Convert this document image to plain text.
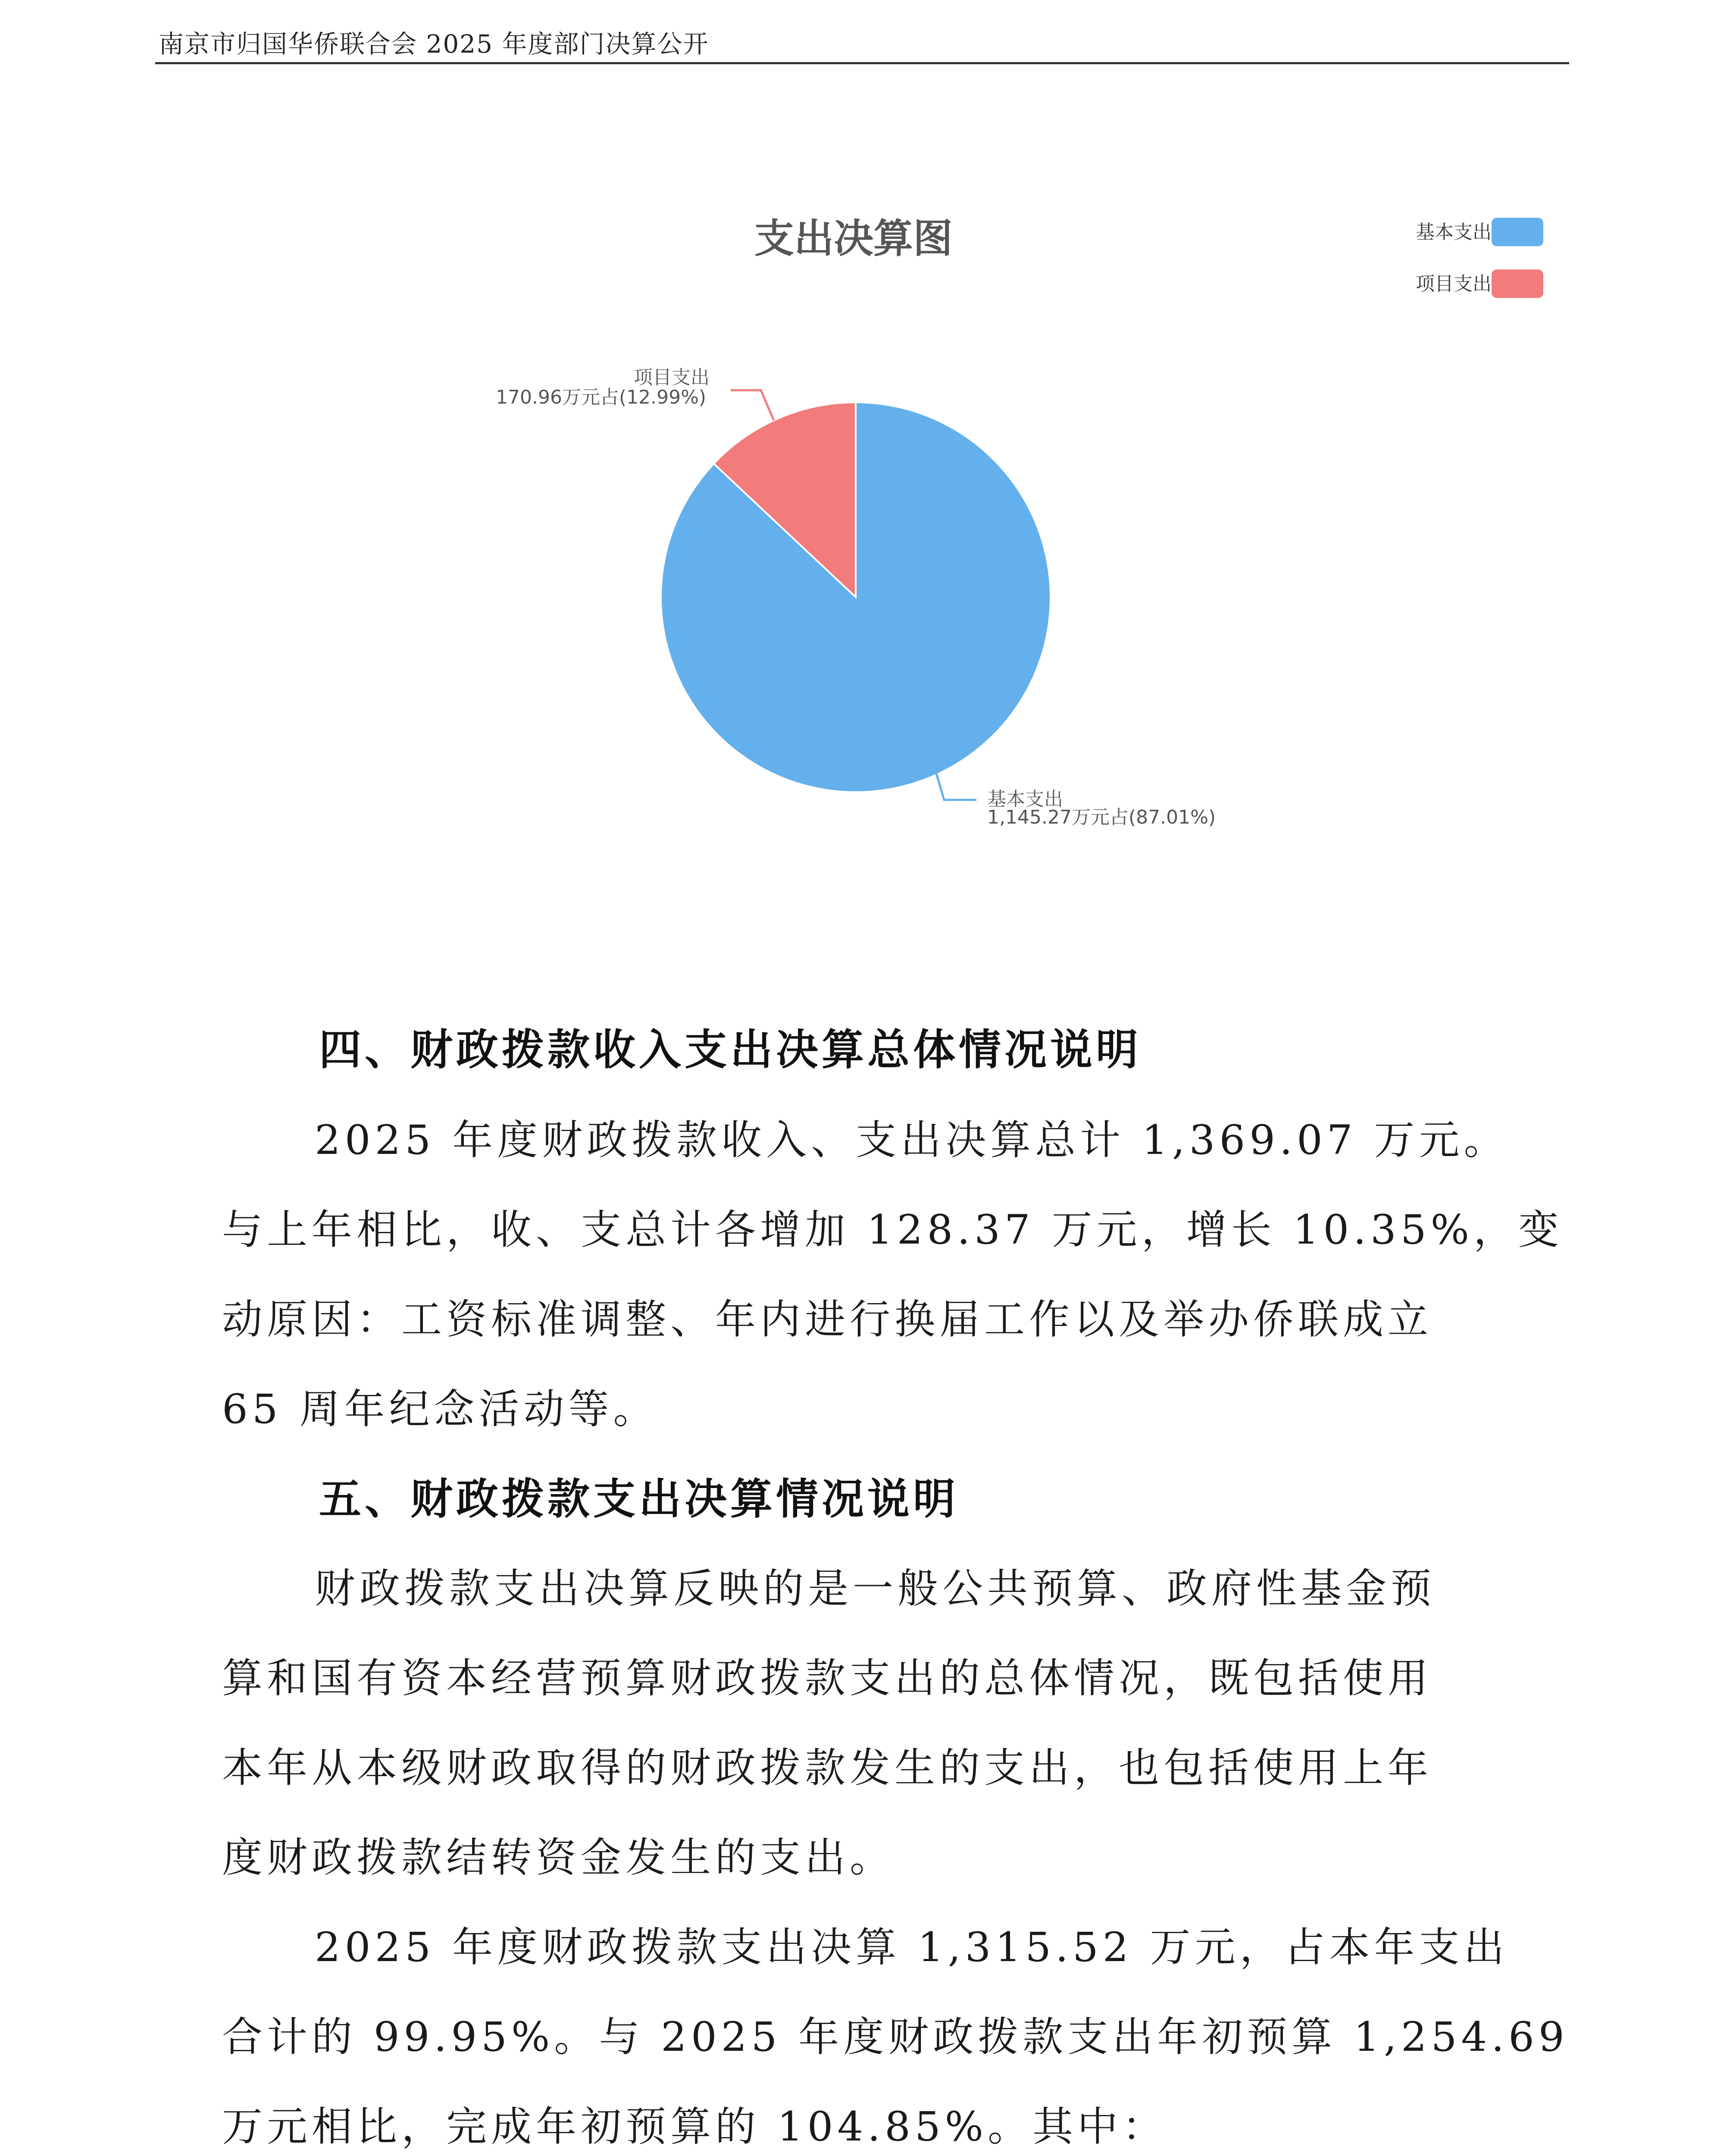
南京市归国华侨联合会 2025 年度部门决算公开
支出决算图	基本支出
项目支出
项目支出
170.96万元占(12.99%)
基本支出
1,145.27万元占(87.01%)
四、财政拨款收入支出决算总体情况说明
2025 年度财政拨款收入、支出决算总计 1,369.07 万元。
与上年相比，收、支总计各增加 128.37 万元，增长 10.35%，变
动原因：工资标准调整、年内进行换届工作以及举办侨联成立
65 周年纪念活动等。
五、财政拨款支出决算情况说明
财政拨款支出决算反映的是一般公共预算、政府性基金预
算和国有资本经营预算财政拨款支出的总体情况，既包括使用
本年从本级财政取得的财政拨款发生的支出，也包括使用上年
度财政拨款结转资金发生的支出。
2025 年度财政拨款支出决算 1,315.52 万元，占本年支出
合计的 99.95%。与 2025 年度财政拨款支出年初预算 1,254.69
万元相比，完成年初预算的 104.85%。其中：
